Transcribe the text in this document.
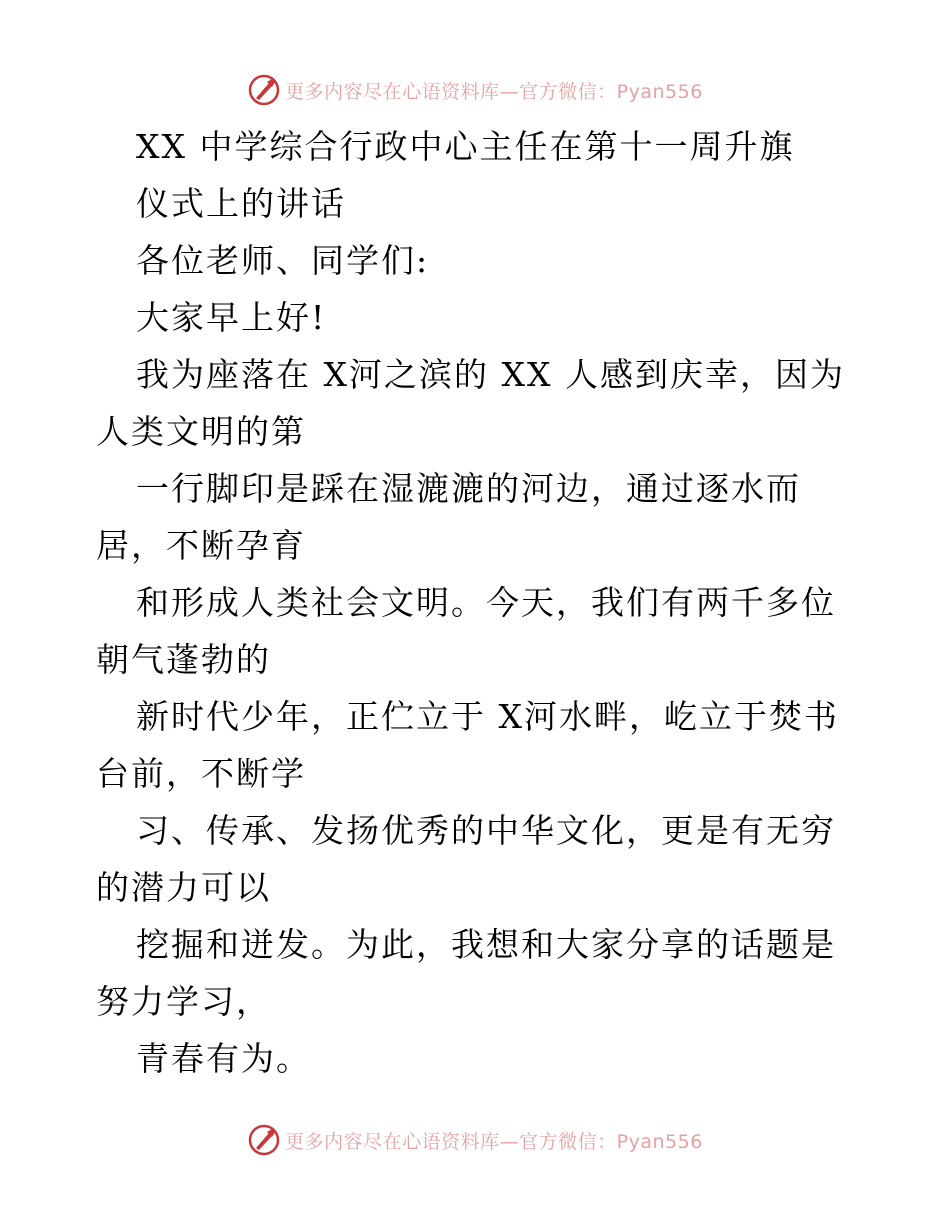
更多内容尽在心语资料库—官方微信：Pyan556

XX 中学综合行政中心主任在第十一周升旗

仪式上的讲话

各位老师、同学们:

大家早上好!

我为座落在 X河之滨的 XX 人感到庆幸，因为人类文明的第

一行脚印是踩在湿漉漉的河边，通过逐水而居，不断孕育

和形成人类社会文明。今天，我们有两千多位朝气蓬勃的

新时代少年，正伫立于 X河水畔，屹立于焚书台前，不断学

习、传承、发扬优秀的中华文化，更是有无穷的潜力可以

挖掘和迸发。为此，我想和大家分享的话题是努力学习，

青春有为。

更多内容尽在心语资料库—官方微信：Pyan556
